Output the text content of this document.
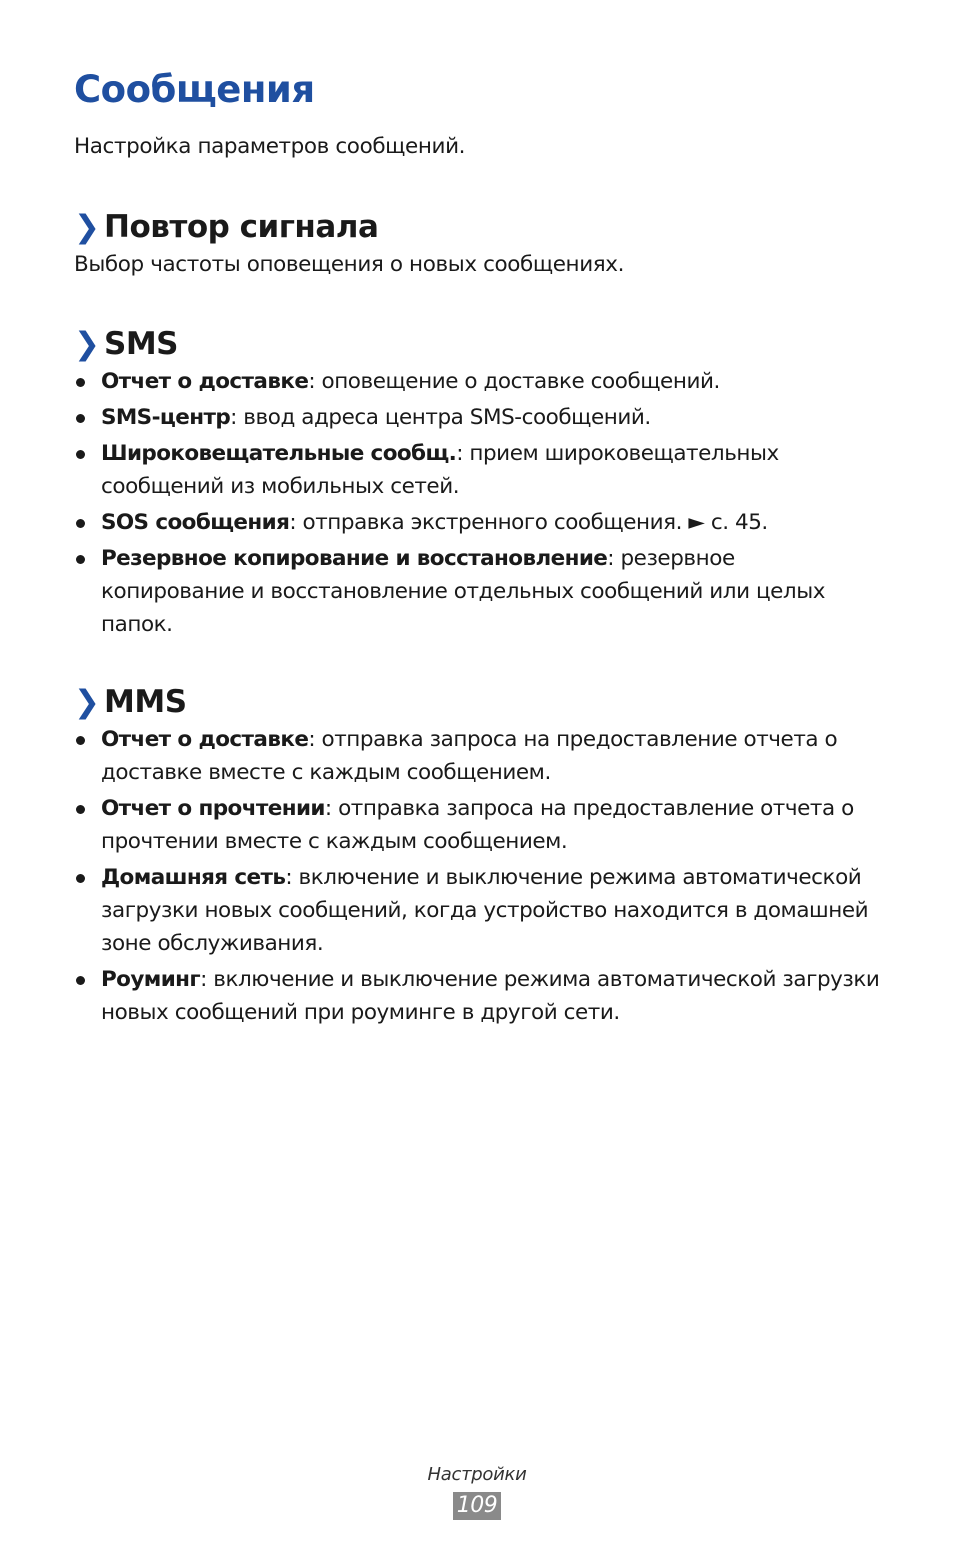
Сообщения

Настройка параметров сообщений.

❯ Повтор сигнала

Выбор частоты оповещения о новых сообщениях.

❯ SMS
Отчет о доставке: оповещение о доставке сообщений.
SMS-центр: ввод адреса центра SMS-сообщений.
Широковещательные сообщ.: прием широковещательных сообщений из мобильных сетей.
SOS сообщения: отправка экстренного сообщения. ► с. 45.
Резервное копирование и восстановление: резервное копирование и восстановление отдельных сообщений или целых папок.
❯ MMS
Отчет о доставке: отправка запроса на предоставление отчета о доставке вместе с каждым сообщением.
Отчет о прочтении: отправка запроса на предоставление отчета о прочтении вместе с каждым сообщением.
Домашняя сеть: включение и выключение режима автоматической загрузки новых сообщений, когда устройство находится в домашней зоне обслуживания.
Роуминг: включение и выключение режима автоматической загрузки новых сообщений при роуминге в другой сети.
Настройки
109
